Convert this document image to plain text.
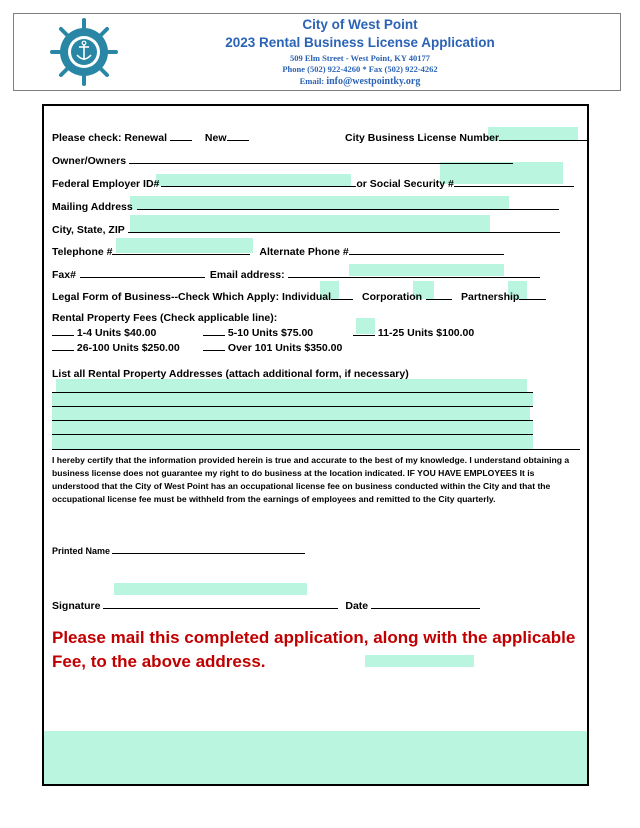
City of West Point
2023 Rental Business License Application
509 Elm Street - West Point, KY 40177
Phone (502) 922-4260 * Fax (502) 922-4262
Email: info@westpointky.org
Please check: Renewal	New	City Business License Number
Owner/Owners
Federal Employer ID#	or Social Security #
Mailing Address
City, State, ZIP
Telephone #	Alternate Phone #
Fax#	Email address:
Legal Form of Business--Check Which Apply: Individual	Corporation	Partnership
Rental Property Fees (Check applicable line):
1-4 Units $40.00	5-10 Units $75.00	11-25 Units $100.00
26-100 Units $250.00	Over 101 Units $350.00
List all Rental Property Addresses (attach additional form, if necessary)
I hereby certify that the information provided herein is true and accurate to the best of my knowledge. I understand obtaining a business license does not guarantee my right to do business at the location indicated. IF YOU HAVE EMPLOYEES It is understood that the City of West Point has an occupational license fee on business conducted within the City and that the occupational license fee must be withheld from the earnings of employees and remitted to the City quarterly.
Printed Name
Signature	Date
Please mail this completed application, along with the applicable Fee, to the above address.
